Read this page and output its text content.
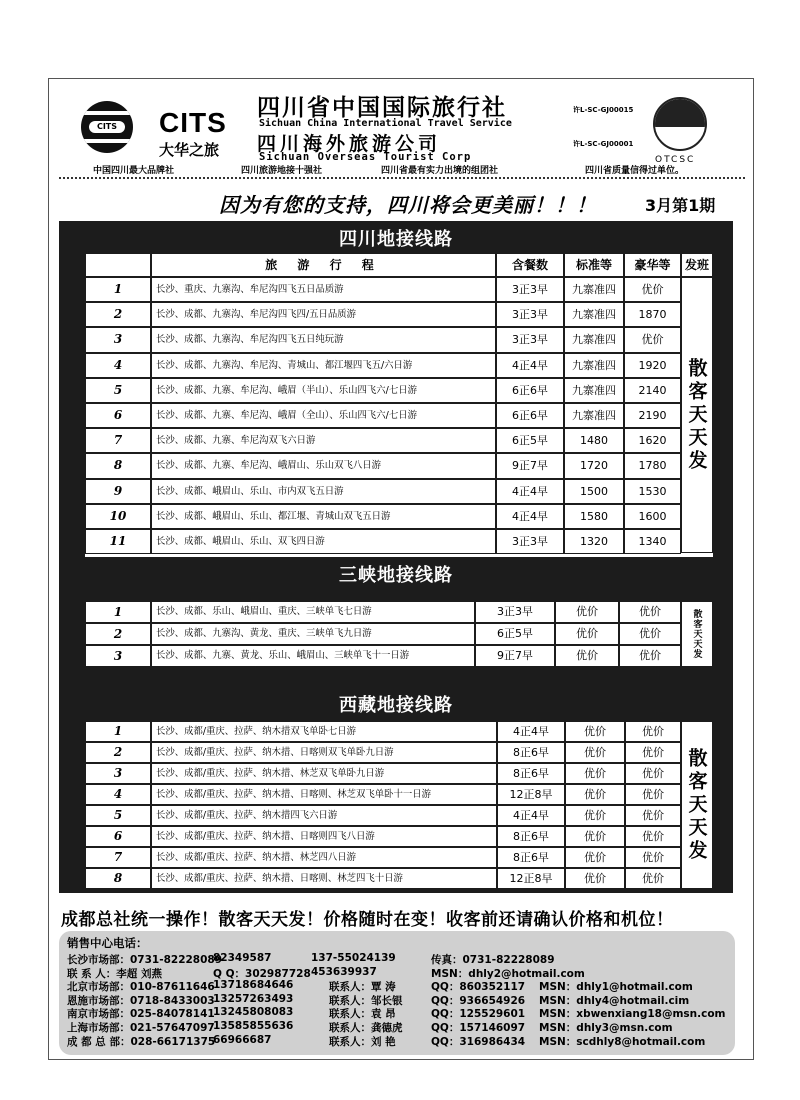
CITS CITS
大华之旅
四川省中国国际旅行社
Sichuan China International Travel Service
四川海外旅游公司
Sichuan Overseas Tourist Corp
许L-SC-GJ00015
许L-SC-GJ00001
OTCSC
中国四川最大品牌社	四川旅游地接十强社	四川省最有实力出境的组团社	四川省质量信得过单位。
因为有您的支持，四川将会更美丽！！！	3月第1期
四川地接线路
旅 游 行 程	含餐数	标准等	豪华等	发班
1	长沙、重庆、九寨沟、牟尼沟四飞五日品质游	3正3早	九寨准四	优价
2	长沙、成都、九寨沟、牟尼沟四飞四/五日品质游	3正3早	九寨准四	1870
3	长沙、成都、九寨沟、牟尼沟四飞五日纯玩游	3正3早	九寨准四	优价
4	长沙、成都、九寨沟、牟尼沟、青城山、都江堰四飞五/六日游	4正4早	九寨准四	1920
5	长沙、成都、九寨、牟尼沟、峨眉（半山）、乐山四飞六/七日游	6正6早	九寨准四	2140
6	长沙、成都、九寨、牟尼沟、峨眉（全山）、乐山四飞六/七日游	6正6早	九寨准四	2190
7	长沙、成都、九寨、牟尼沟双飞六日游	6正5早	1480	1620
8	长沙、成都、九寨、牟尼沟、峨眉山、乐山双飞八日游	9正7早	1720	1780
9	长沙、成都、峨眉山、乐山、市内双飞五日游	4正4早	1500	1530
10	长沙、成都、峨眉山、乐山、都江堰、青城山双飞五日游	4正4早	1580	1600
11	长沙、成都、峨眉山、乐山、双飞四日游	3正3早	1320	1340
散客天天发
三峡地接线路
1	长沙、成都、乐山、峨眉山、重庆、三峡单飞七日游	3正3早	优价	优价
2	长沙、成都、九寨沟、黄龙、重庆、三峡单飞九日游	6正5早	优价	优价
3	长沙、成都、九寨、黄龙、乐山、峨眉山、三峡单飞十一日游	9正7早	优价	优价	散客天天发
西藏地接线路
1	长沙、成都/重庆、拉萨、纳木措双飞单卧七日游	4正4早	优价	优价
2	长沙、成都/重庆、拉萨、纳木措、日喀则双飞单卧九日游	8正6早	优价	优价
3	长沙、成都/重庆、拉萨、纳木措、林芝双飞单卧九日游	8正6早	优价	优价
4	长沙、成都/重庆、拉萨、纳木措、日喀则、林芝双飞单卧十一日游	12正8早	优价	优价
5	长沙、成都/重庆、拉萨、纳木措四飞六日游	4正4早	优价	优价
6	长沙、成都/重庆、拉萨、纳木措、日喀则四飞八日游	8正6早	优价	优价
7	长沙、成都/重庆、拉萨、纳木措、林芝四八日游	8正6早	优价	优价
8	长沙、成都/重庆、拉萨、纳木措、日喀则、林芝四飞十日游	12正8早	优价	优价
散客天天发
成都总社统一操作！散客天天发！价格随时在变！收客前还请确认价格和机位！
销售中心电话：
长沙市场部：0731-82228089
82349587	137-55024139	传真：0731-82228089
联 系 人：李超 刘燕	Q Q：302987728 453639937	MSN：dhly2@hotmail.com
北京市场部：010-87611646
13718684646	联系人：覃 涛	QQ：860352117 MSN：dhly1@hotmail.com
恩施市场部：0718-8433003
13257263493	联系人：邹长银	QQ：936654926 MSN：dhly4@hotmail.cim
南京市场部：025-84078141
13245808083	联系人：袁 昂	QQ：125529601 MSN：xbwenxiang18@msn.com
上海市场部：021-57647097
13585855636	联系人：龚德虎	QQ：157146097 MSN：dhly3@msn.com
成 都 总 部：028-66171375
66966687	联系人：刘 艳	QQ：316986434 MSN：scdhly8@hotmail.com
